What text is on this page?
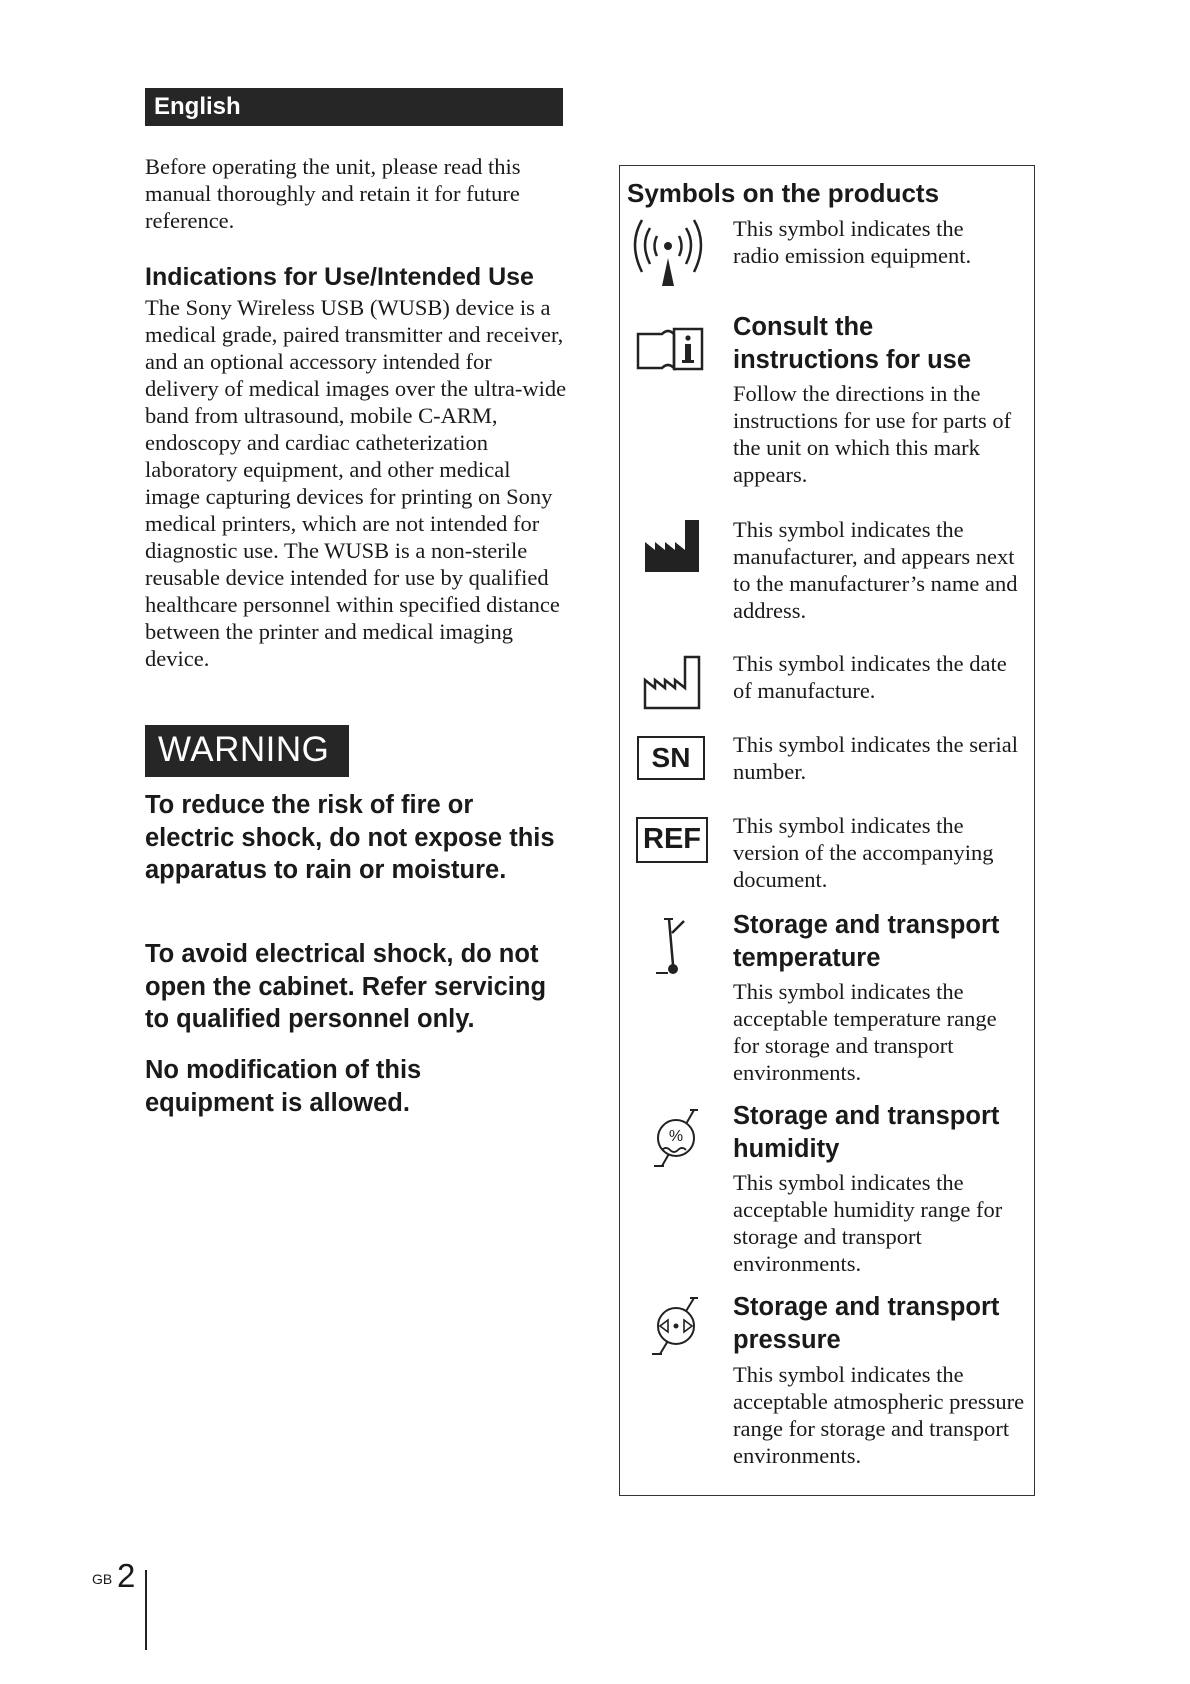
English

Before operating the unit, please read this manual thoroughly and retain it for future reference.

Indications for Use/Intended Use

The Sony Wireless USB (WUSB) device is a medical grade, paired transmitter and receiver, and an optional accessory intended for delivery of medical images over the ultra-wide band from ultrasound, mobile C-ARM, endoscopy and cardiac catheterization laboratory equipment, and other medical image capturing devices for printing on Sony medical printers, which are not intended for diagnostic use. The WUSB is a non-sterile reusable device intended for use by qualified healthcare personnel within specified distance between the printer and medical imaging device.

WARNING

To reduce the risk of fire or electric shock, do not expose this apparatus to rain or moisture.

To avoid electrical shock, do not open the cabinet. Refer servicing to qualified personnel only.

No modification of this equipment is allowed.

Symbols on the products
This symbol indicates the radio emission equipment.
Consult the instructions for use
Follow the directions in the instructions for use for parts of the unit on which this mark appears.
This symbol indicates the manufacturer, and appears next to the manufacturer’s name and address.
This symbol indicates the date of manufacture.
SN	This symbol indicates the serial number.
REF	This symbol indicates the version of the accompanying document.
Storage and transport temperature
This symbol indicates the acceptable temperature range for storage and transport environments.
%
Storage and transport humidity
This symbol indicates the acceptable humidity range for storage and transport environments.
Storage and transport pressure
This symbol indicates the acceptable atmospheric pressure range for storage and transport environments.
GB 2
